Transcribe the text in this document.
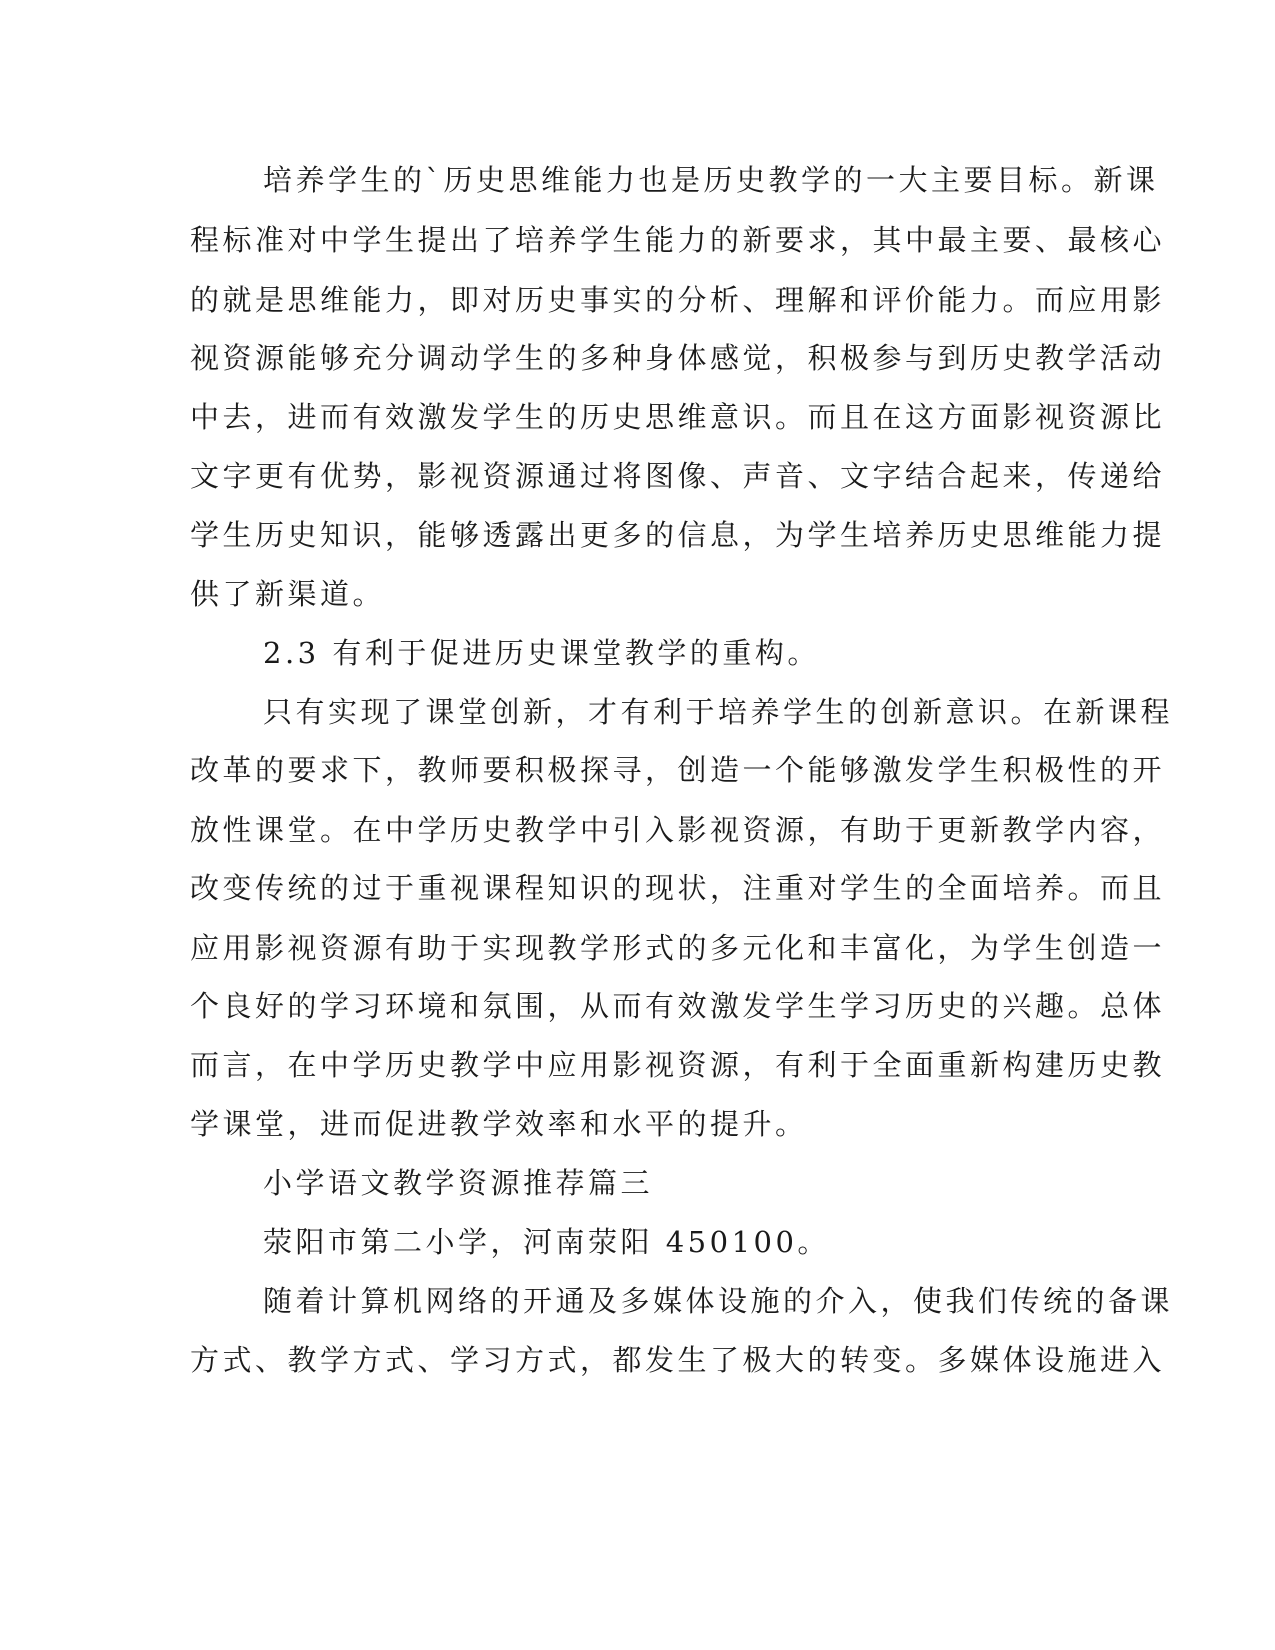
培养学生的`历史思维能力也是历史教学的一大主要目标。新课
程标准对中学生提出了培养学生能力的新要求，其中最主要、最核心
的就是思维能力，即对历史事实的分析、理解和评价能力。而应用影
视资源能够充分调动学生的多种身体感觉，积极参与到历史教学活动
中去，进而有效激发学生的历史思维意识。而且在这方面影视资源比
文字更有优势，影视资源通过将图像、声音、文字结合起来，传递给
学生历史知识，能够透露出更多的信息，为学生培养历史思维能力提
供了新渠道。
2.3 有利于促进历史课堂教学的重构。
只有实现了课堂创新，才有利于培养学生的创新意识。在新课程
改革的要求下，教师要积极探寻，创造一个能够激发学生积极性的开
放性课堂。在中学历史教学中引入影视资源，有助于更新教学内容，
改变传统的过于重视课程知识的现状，注重对学生的全面培养。而且
应用影视资源有助于实现教学形式的多元化和丰富化，为学生创造一
个良好的学习环境和氛围，从而有效激发学生学习历史的兴趣。总体
而言，在中学历史教学中应用影视资源，有利于全面重新构建历史教
学课堂，进而促进教学效率和水平的提升。
小学语文教学资源推荐篇三
荥阳市第二小学，河南荥阳 450100。
随着计算机网络的开通及多媒体设施的介入，使我们传统的备课
方式、教学方式、学习方式，都发生了极大的转变。多媒体设施进入
